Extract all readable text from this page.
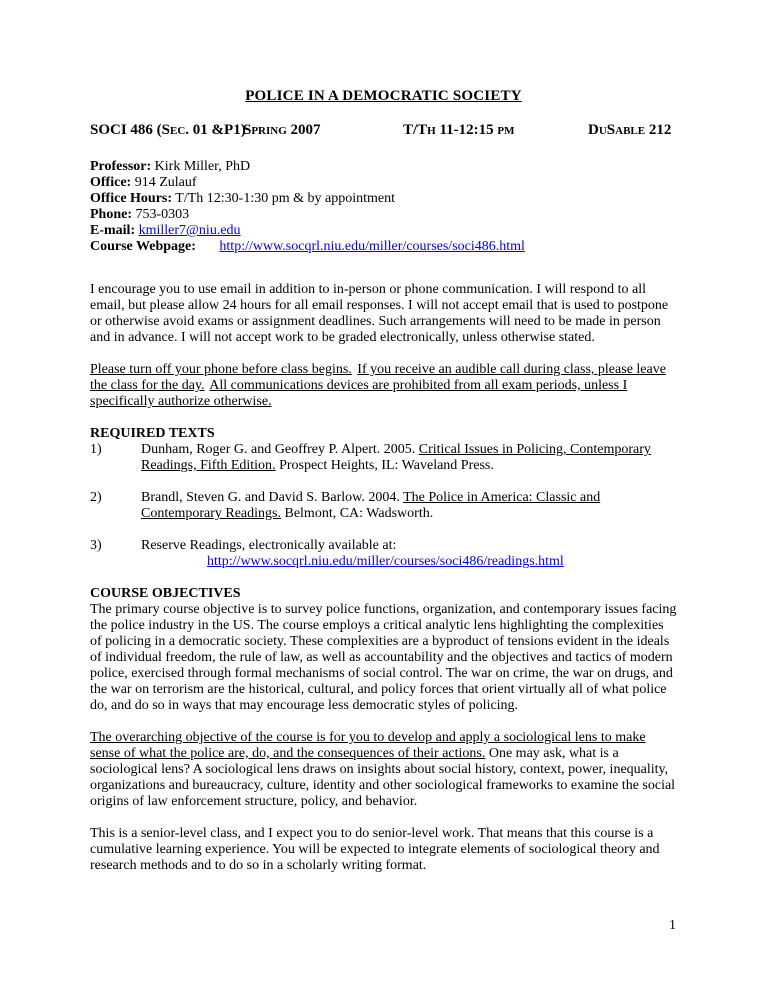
POLICE IN A DEMOCRATIC SOCIETY
SOCI 486 (Sec. 01 &P1)
Spring 2007	T/Th 11-12:15 pm	DuSable 212
Professor: Kirk Miller, PhD
Office: 914 Zulauf
Office Hours: T/Th 12:30-1:30 pm & by appointment
Phone: 753-0303
E-mail: kmiller7@niu.edu
Course Webpage: http://www.socqrl.niu.edu/miller/courses/soci486.html

I encourage you to use email in addition to in-person or phone communication. I will respond to all email, but please allow 24 hours for all email responses. I will not accept email that is used to postpone or otherwise avoid exams or assignment deadlines. Such arrangements will need to be made in person and in advance. I will not accept work to be graded electronically, unless otherwise stated.

Please turn off your phone before class begins. If you receive an audible call during class, please leave the class for the day. All communications devices are prohibited from all exam periods, unless I specifically authorize otherwise.

REQUIRED TEXTS
1)	Dunham, Roger G. and Geoffrey P. Alpert. 2005. Critical Issues in Policing, Contemporary Readings, Fifth Edition. Prospect Heights, IL: Waveland Press.
2)	Brandl, Steven G. and David S. Barlow. 2004. The Police in America: Classic and Contemporary Readings. Belmont, CA: Wadsworth.
3)	Reserve Readings, electronically available at:
http://www.socqrl.niu.edu/miller/courses/soci486/readings.html
COURSE OBJECTIVES

The primary course objective is to survey police functions, organization, and contemporary issues facing the police industry in the US. The course employs a critical analytic lens highlighting the complexities of policing in a democratic society. These complexities are a byproduct of tensions evident in the ideals of individual freedom, the rule of law, as well as accountability and the objectives and tactics of modern police, exercised through formal mechanisms of social control. The war on crime, the war on drugs, and the war on terrorism are the historical, cultural, and policy forces that orient virtually all of what police do, and do so in ways that may encourage less democratic styles of policing.

The overarching objective of the course is for you to develop and apply a sociological lens to make sense of what the police are, do, and the consequences of their actions. One may ask, what is a sociological lens? A sociological lens draws on insights about social history, context, power, inequality, organizations and bureaucracy, culture, identity and other sociological frameworks to examine the social origins of law enforcement structure, policy, and behavior.

This is a senior-level class, and I expect you to do senior-level work. That means that this course is a cumulative learning experience. You will be expected to integrate elements of sociological theory and research methods and to do so in a scholarly writing format.

1
